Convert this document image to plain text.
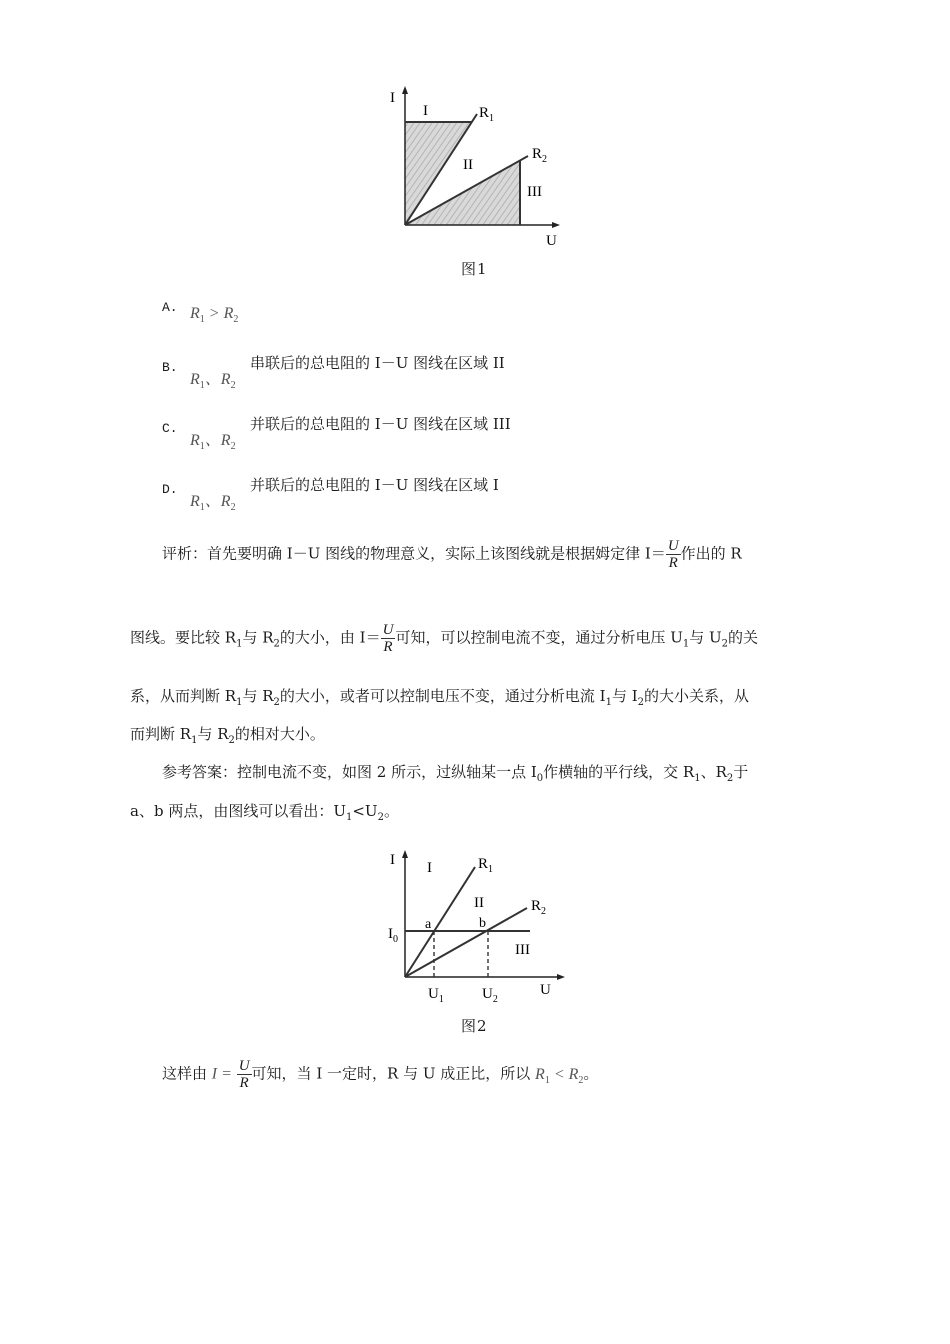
I
U
I
II
III
$R_1$
$R_2$
图1
A. $R_1 > R_2$
B.
$R_1$、$R_2$
串联后的总电阻的 I－U 图线在区域 II
C.
$R_1$、$R_2$
并联后的总电阻的 I－U 图线在区域 III
D.
$R_1$、$R_2$
并联后的总电阻的 I－U 图线在区域 I
评析：首先要明确 I－U 图线的物理意义，实际上该图线就是根据姆定律 $I= \frac{U}{R}$ 作出的 R
图线。要比较 $R_1$与 $R_2$的大小，由 $I= \frac{U}{R}$ 可知，可以控制电流不变，通过分析电压 $U_1$与 $U_2$的关
系，从而判断 $R_1$与 $R_2$的大小，或者可以控制电压不变，通过分析电流 $I_1$与 $I_2$的大小关系，从
而判断 $R_1$与 $R_2$的相对大小。
参考答案：控制电流不变，如图 2 所示，过纵轴某一点 $I_0$作横轴的平行线，交 $R_1$、$R_2$于
a、b 两点，由图线可以看出：$U_1<U_2$。
I
U
I
II
III
$R_1$
$R_2$
$I_0$
a	b
$U_1$	$U_2$
图2
这样由 $I = \frac{U}{R}$ 可知，当 I 一定时，R 与 U 成正比，所以 $R_1 < R_2$。
